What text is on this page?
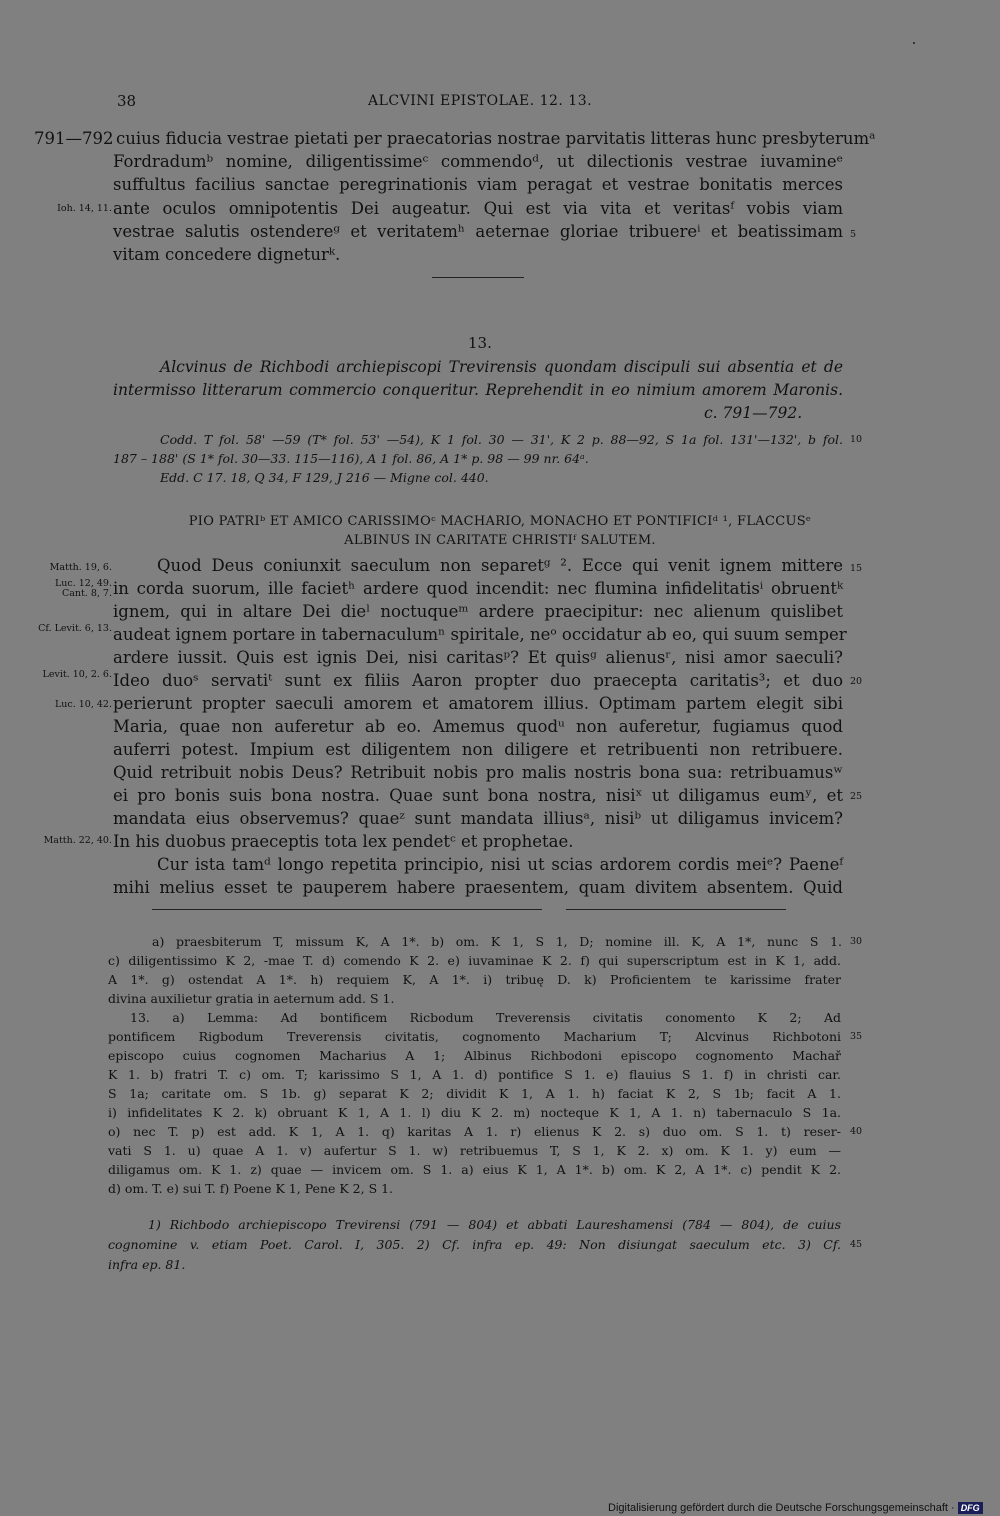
38	ALCVINI EPISTOLAE. 12. 13.
791—792 cuius fiducia vestrae pietati per praecatorias nostrae parvitatis litteras hunc presbyterumᵃ
Fordradumᵇ nomine, diligentissimeᶜ commendoᵈ, ut dilectionis vestrae iuvamineᵉ
suffultus facilius sanctae peregrinationis viam peragat et vestrae bonitatis merces
Ioh. 14, 11. ante oculos omnipotentis Dei augeatur. Qui est via vita et veritasᶠ vobis viam
vestrae salutis ostendereᵍ et veritatemʰ aeternae gloriae tribuereⁱ et beatissimam 5
vitam concedere digneturᵏ.
13.
Alcvinus de Richbodi archiepiscopi Trevirensis quondam discipuli sui absentia et de
intermisso litterarum commercio conqueritur. Reprehendit in eo nimium amorem Maronis.
c. 791—792.
Codd. T fol. 58' —59 (T* fol. 53' —54), K 1 fol. 30 — 31', K 2 p. 88—92, S 1a fol. 131'—132', b fol. 10
187 – 188' (S 1* fol. 30—33. 115—116), A 1 fol. 86, A 1* p. 98 — 99 nr. 64ᵃ.
Edd. C 17. 18, Q 34, F 129, J 216 — Migne col. 440.
PIO PATRIᵇ ET AMICO CARISSIMOᶜ MACHARIO, MONACHO ET PONTIFICIᵈ ¹, FLACCUSᵉ
ALBINUS IN CARITATE CHRISTIᶠ SALUTEM.
Matth. 19, 6.	Quod Deus coniunxit saeculum non separetᵍ ². Ecce qui venit ignem mittere 15
Luc. 12, 49. Cant. 8, 7. in corda suorum, ille facietʰ ardere quod incendit: nec flumina infidelitatisⁱ obruentᵏ
ignem, qui in altare Dei dieˡ noctuqueᵐ ardere praecipitur: nec alienum quislibet
Cf. Levit. 6, 13. audeat ignem portare in tabernaculumⁿ spiritale, neᵒ occidatur ab eo, qui suum semper
ardere iussit. Quis est ignis Dei, nisi caritasᵖ? Et quisᵍ alienusʳ, nisi amor saeculi?
Levit. 10, 2. 6. Ideo duoˢ servatiᵗ sunt ex filiis Aaron propter duo praecepta caritatis³; et duo 20
Luc. 10, 42. perierunt propter saeculi amorem et amatorem illius. Optimam partem elegit sibi
Maria, quae non auferetur ab eo. Amemus quodᵘ non auferetur, fugiamus quod
auferri potest. Impium est diligentem non diligere et retribuenti non retribuere.
Quid retribuit nobis Deus? Retribuit nobis pro malis nostris bona sua: retribuamusʷ
ei pro bonis suis bona nostra. Quae sunt bona nostra, nisiˣ ut diligamus eumʸ, et 25
mandata eius observemus? quaeᶻ sunt mandata illiusᵃ, nisiᵇ ut diligamus invicem?
Matth. 22, 40. In his duobus praeceptis tota lex pendetᶜ et prophetae.
Cur ista tamᵈ longo repetita principio, nisi ut scias ardorem cordis meiᵉ? Paeneᶠ
mihi melius esset te pauperem habere praesentem, quam divitem absentem. Quid
a) praesbiterum T, missum K, A 1*. b) om. K 1, S 1, D; nomine ill. K, A 1*, nunc S 1. 30
c) diligentissimo K 2, -mae T. d) comendo K 2. e) iuvaminae K 2. f) qui superscriptum est in K 1, add.
A 1*. g) ostendat A 1*. h) requiem K, A 1*. i) tribuę D. k) Proficientem te karissime frater
divina auxilietur gratia in aeternum add. S 1.
13. a) Lemma: Ad bontificem Ricbodum Treverensis civitatis conomento K 2; Ad
pontificem Rigbodum Treverensis civitatis, cognomento Macharium T; Alcvinus Richbotoni 35
episcopo cuius cognomen Macharius A 1; Albinus Richbodoni episcopo cognomento Machař
K 1. b) fratri T. c) om. T; karissimo S 1, A 1. d) pontifice S 1. e) flauius S 1. f) in christi car.
S 1a; caritate om. S 1b. g) separat K 2; dividit K 1, A 1. h) faciat K 2, S 1b; facit A 1.
i) infidelitates K 2. k) obruant K 1, A 1. l) diu K 2. m) nocteque K 1, A 1. n) tabernaculo S 1a.
o) nec T. p) est add. K 1, A 1. q) karitas A 1. r) elienus K 2. s) duo om. S 1. t) reser- 40
vati S 1. u) quae A 1. v) aufertur S 1. w) retribuemus T, S 1, K 2. x) om. K 1. y) eum —
diligamus om. K 1. z) quae — invicem om. S 1. a) eius K 1, A 1*. b) om. K 2, A 1*. c) pendit K 2.
d) om. T. e) sui T. f) Poene K 1, Pene K 2, S 1.
1) Richbodo archiepiscopo Trevirensi (791 — 804) et abbati Laureshamensi (784 — 804), de cuius
cognomine v. etiam Poet. Carol. I, 305. 2) Cf. infra ep. 49: Non disiungat saeculum etc. 3) Cf. 45
infra ep. 81.
Digitalisierung gefördert durch die Deutsche Forschungsgemeinschaft · DFG
